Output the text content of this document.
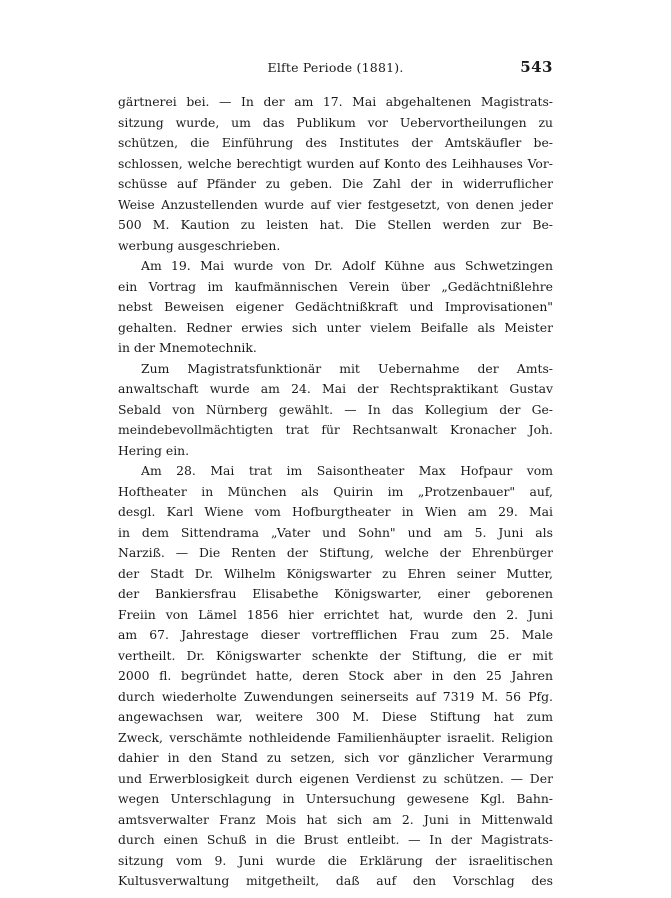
Elfte Periode (1881).	543
gärtnerei bei. — In der am 17. Mai abgehaltenen Magistrats-
sitzung wurde, um das Publikum vor Uebervortheilungen zu
schützen, die Einführung des Institutes der Amtskäufler be-
schlossen, welche berechtigt wurden auf Konto des Leihhauses Vor-
schüsse auf Pfänder zu geben. Die Zahl der in widerruflicher
Weise Anzustellenden wurde auf vier festgesetzt, von denen jeder
500 M. Kaution zu leisten hat. Die Stellen werden zur Be-
werbung ausgeschrieben.
Am 19. Mai wurde von Dr. Adolf Kühne aus Schwetzingen
ein Vortrag im kaufmännischen Verein über „Gedächtnißlehre
nebst Beweisen eigener Gedächtnißkraft und Improvisationen"
gehalten. Redner erwies sich unter vielem Beifalle als Meister
in der Mnemotechnik.
Zum Magistratsfunktionär mit Uebernahme der Amts-
anwaltschaft wurde am 24. Mai der Rechtspraktikant Gustav
Sebald von Nürnberg gewählt. — In das Kollegium der Ge-
meindebevollmächtigten trat für Rechtsanwalt Kronacher Joh.
Hering ein.
Am 28. Mai trat im Saisontheater Max Hofpaur vom
Hoftheater in München als Quirin im „Protzenbauer" auf,
desgl. Karl Wiene vom Hofburgtheater in Wien am 29. Mai
in dem Sittendrama „Vater und Sohn" und am 5. Juni als
Narziß. — Die Renten der Stiftung, welche der Ehrenbürger
der Stadt Dr. Wilhelm Königswarter zu Ehren seiner Mutter,
der Bankiersfrau Elisabethe Königswarter, einer geborenen
Freiin von Lämel 1856 hier errichtet hat, wurde den 2. Juni
am 67. Jahrestage dieser vortrefflichen Frau zum 25. Male
vertheilt. Dr. Königswarter schenkte der Stiftung, die er mit
2000 fl. begründet hatte, deren Stock aber in den 25 Jahren
durch wiederholte Zuwendungen seinerseits auf 7319 M. 56 Pfg.
angewachsen war, weitere 300 M. Diese Stiftung hat zum
Zweck, verschämte nothleidende Familienhäupter israelit. Religion
dahier in den Stand zu setzen, sich vor gänzlicher Verarmung
und Erwerblosigkeit durch eigenen Verdienst zu schützen. — Der
wegen Unterschlagung in Untersuchung gewesene Kgl. Bahn-
amtsverwalter Franz Mois hat sich am 2. Juni in Mittenwald
durch einen Schuß in die Brust entleibt. — In der Magistrats-
sitzung vom 9. Juni wurde die Erklärung der israelitischen
Kultusverwaltung mitgetheilt, daß auf den Vorschlag des
